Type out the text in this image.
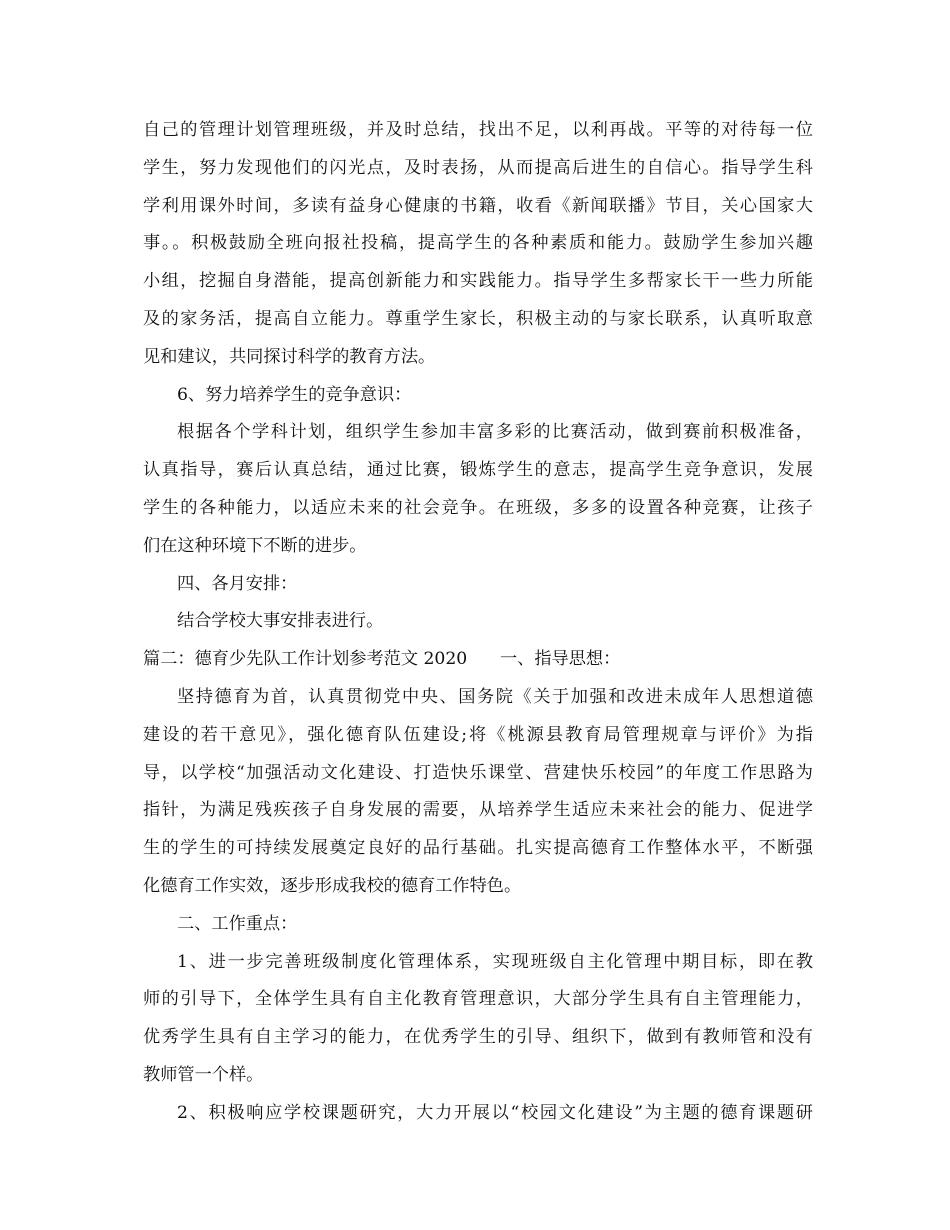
自己的管理计划管理班级，并及时总结，找出不足，以利再战。平等的对待每一位
学生，努力发现他们的闪光点，及时表扬，从而提高后进生的自信心。指导学生科
学利用课外时间，多读有益身心健康的书籍，收看《新闻联播》节目，关心国家大
事。。积极鼓励全班向报社投稿，提高学生的各种素质和能力。鼓励学生参加兴趣
小组，挖掘自身潜能，提高创新能力和实践能力。指导学生多帮家长干一些力所能
及的家务活，提高自立能力。尊重学生家长，积极主动的与家长联系，认真听取意
见和建议，共同探讨科学的教育方法。
6、努力培养学生的竞争意识：
根据各个学科计划，组织学生参加丰富多彩的比赛活动，做到赛前积极准备，
认真指导，赛后认真总结，通过比赛，锻炼学生的意志，提高学生竞争意识，发展
学生的各种能力，以适应未来的社会竞争。在班级，多多的设置各种竞赛，让孩子
们在这种环境下不断的进步。
四、各月安排：
结合学校大事安排表进行。
篇二：德育少先队工作计划参考范文 2020      一、指导思想：
坚持德育为首，认真贯彻党中央、国务院《关于加强和改进未成年人思想道德
建设的若干意见》，强化德育队伍建设;将《桃源县教育局管理规章与评价》为指
导，以学校“加强活动文化建设、打造快乐课堂、营建快乐校园”的年度工作思路为
指针，为满足残疾孩子自身发展的需要，从培养学生适应未来社会的能力、促进学
生的学生的可持续发展奠定良好的品行基础。扎实提高德育工作整体水平，不断强
化德育工作实效，逐步形成我校的德育工作特色。
二、工作重点：
1、进一步完善班级制度化管理体系，实现班级自主化管理中期目标，即在教
师的引导下，全体学生具有自主化教育管理意识，大部分学生具有自主管理能力，
优秀学生具有自主学习的能力，在优秀学生的引导、组织下，做到有教师管和没有
教师管一个样。
2、积极响应学校课题研究，大力开展以“校园文化建设”为主题的德育课题研
